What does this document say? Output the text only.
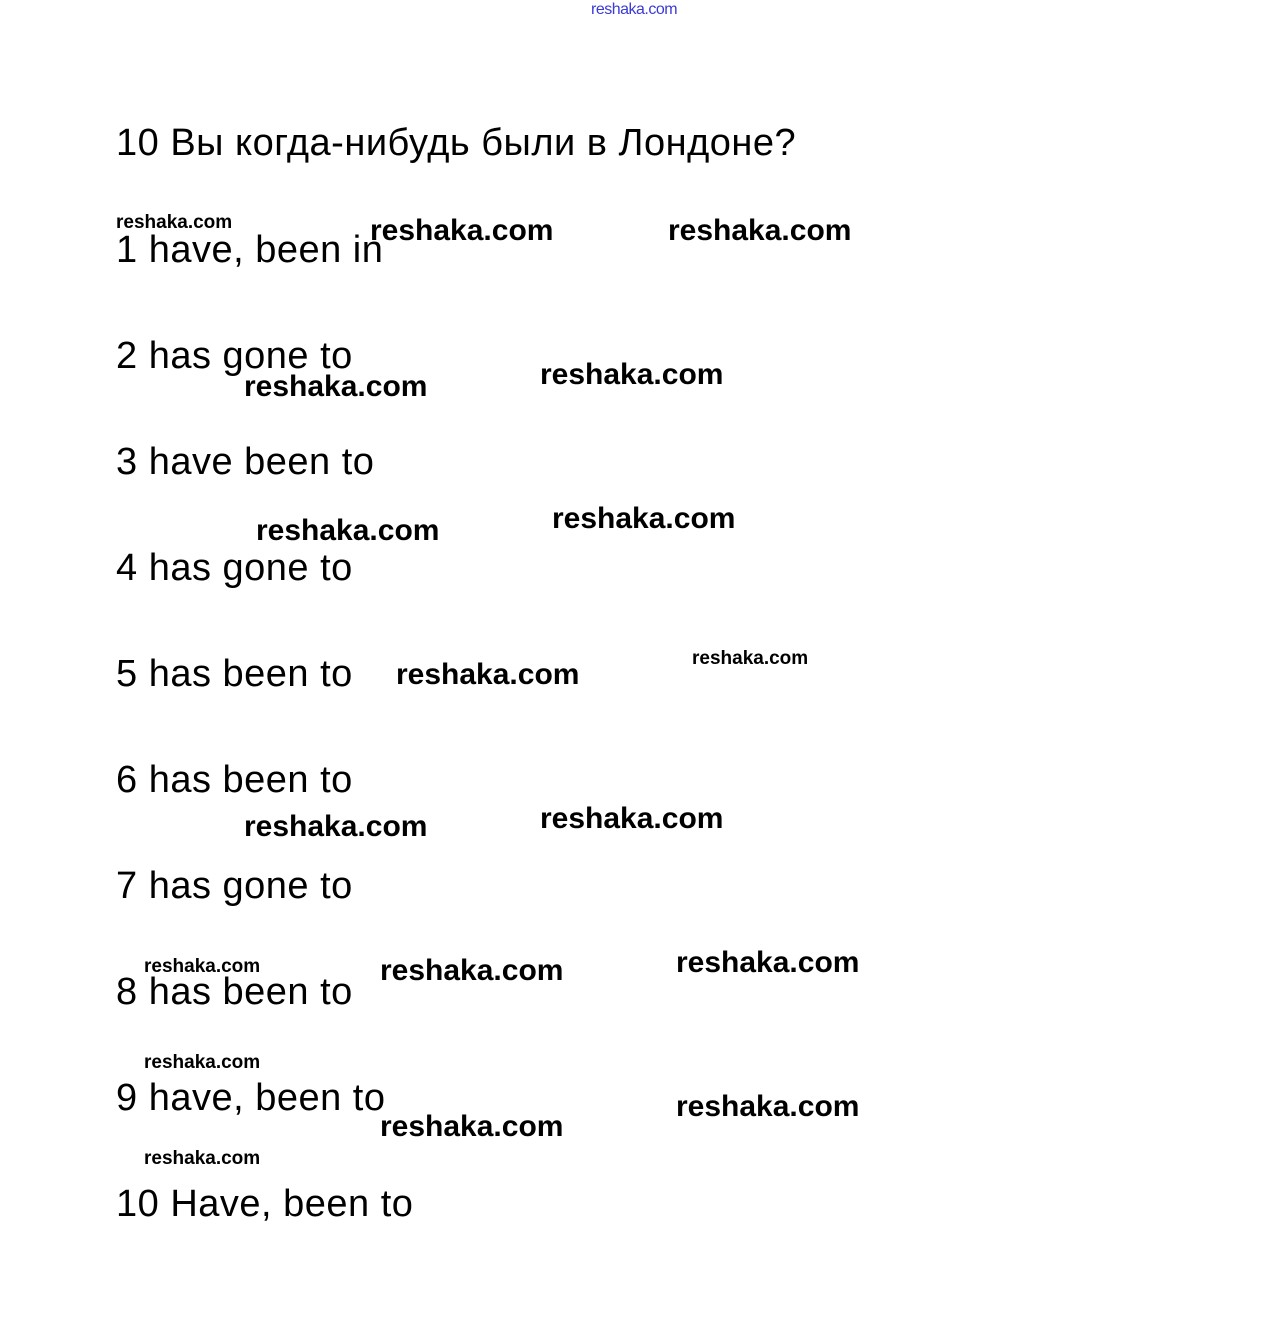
reshaka.com
10 Вы когда-нибудь были в Лондоне?
1 have, been in
2 has gone to
3 have been to
4 has gone to
5 has been to
6 has been to
7 has gone to
8 has been to
9 have, been to
10 Have, been to
reshaka.com	reshaka.com	reshaka.com
reshaka.com
reshaka.com
reshaka.com
reshaka.com
reshaka.com
reshaka.com
reshaka.com
reshaka.com
reshaka.com	reshaka.com
reshaka.com
reshaka.com
reshaka.com
reshaka.com
reshaka.com
